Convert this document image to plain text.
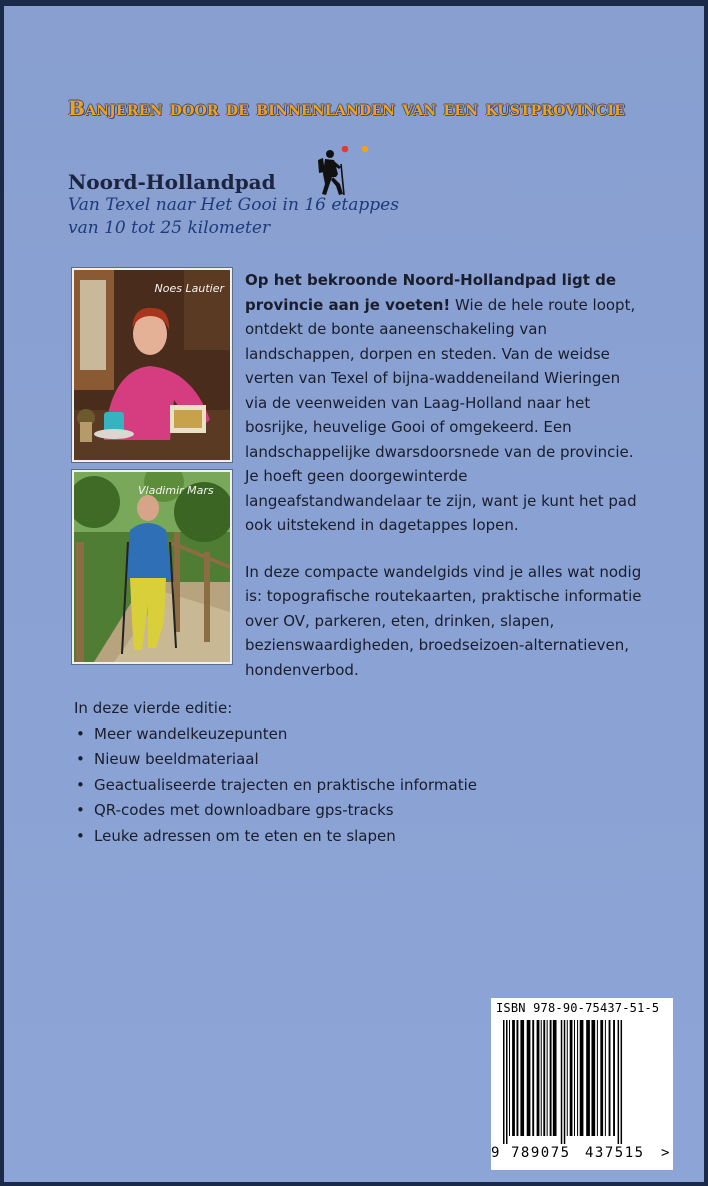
Banjeren door de binnenlanden van een kustprovincie
Noord-Hollandpad
Van Texel naar Het Gooi in 16 etappes
van 10 tot 25 kilometer
Noes Lautier
Vladimir Mars

Op het bekroonde Noord-Hollandpad ligt de provincie aan je voeten! Wie de hele route loopt, ontdekt de bonte aaneenschakeling van landschappen, dorpen en steden. Van de weidse verten van Texel of bijna-waddeneiland Wieringen via de veenweiden van Laag-Holland naar het bosrijke, heuvelige Gooi of omgekeerd. Een landschappelijke dwarsdoorsnede van de provincie. Je hoeft geen doorgewinterde langeafstandwandelaar te zijn, want je kunt het pad ook uitstekend in dagetappes lopen.

In deze compacte wandelgids vind je alles wat nodig is: topografische routekaarten, praktische informatie over OV, parkeren, eten, drinken, slapen, bezienswaardigheden, broedseizoen-alternatieven, hondenverbod.

In deze vierde editie:
• Meer wandelkeuzepunten
• Nieuw beeldmateriaal
• Geactualiseerde trajecten en praktische informatie
• QR-codes met downloadbare gps-tracks
• Leuke adressen om te eten en te slapen
ISBN 978-90-75437-51-5
9 789075 437515 >
